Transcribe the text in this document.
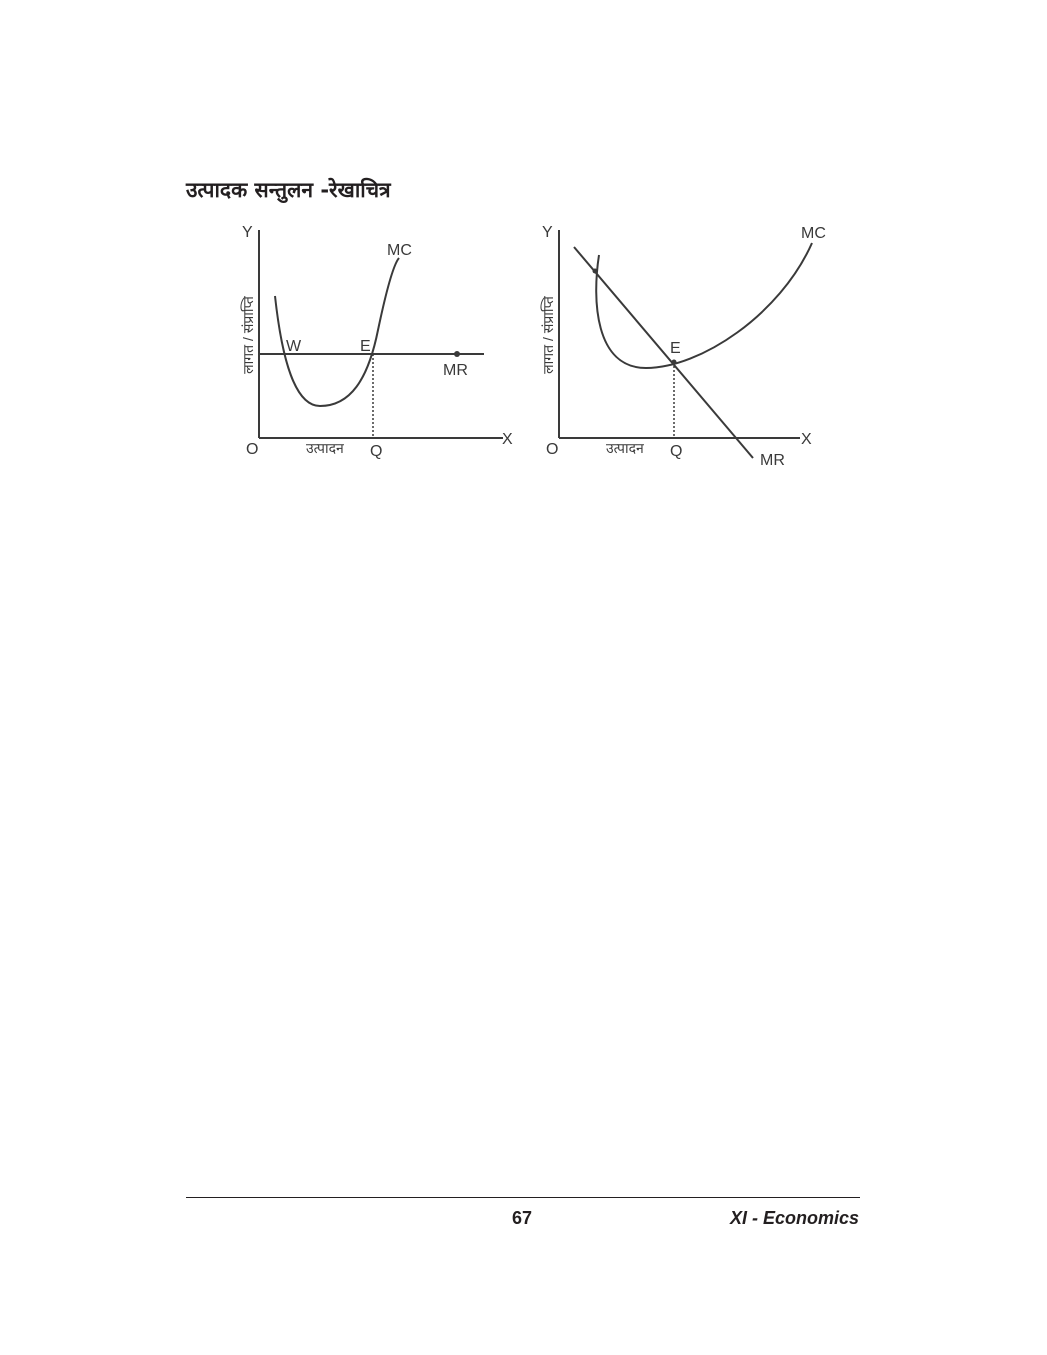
उत्पादक सन्तुलन -रेखाचित्र
Y
X
O
लागत / संप्राप्ति
उत्पादन Q
MR
MC
W	E
Y
X
O
लागत / संप्राप्ति
उत्पादन Q
MR
MC
E
67	XI - Economics
